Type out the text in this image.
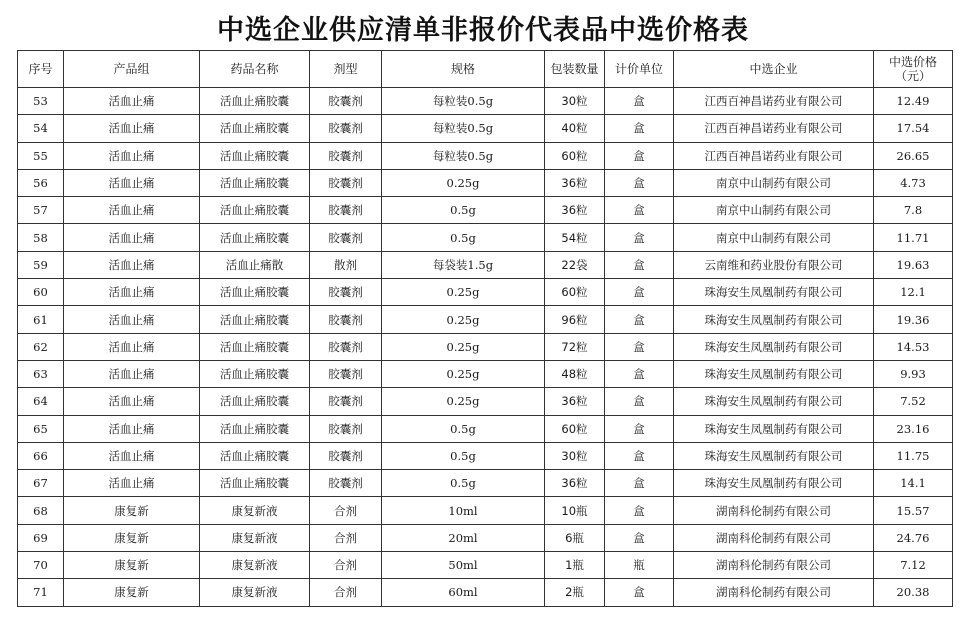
中选企业供应清单非报价代表品中选价格表
序号	产品组	药品名称	剂型	规格	包装数量	计价单位	中选企业	中选价格（元）
53	活血止痛	活血止痛胶囊	胶囊剂	每粒装0.5g	30粒	盒	江西百神昌诺药业有限公司	12.49
54	活血止痛	活血止痛胶囊	胶囊剂	每粒装0.5g	40粒	盒	江西百神昌诺药业有限公司	17.54
55	活血止痛	活血止痛胶囊	胶囊剂	每粒装0.5g	60粒	盒	江西百神昌诺药业有限公司	26.65
56	活血止痛	活血止痛胶囊	胶囊剂	0.25g	36粒	盒	南京中山制药有限公司	4.73
57	活血止痛	活血止痛胶囊	胶囊剂	0.5g	36粒	盒	南京中山制药有限公司	7.8
58	活血止痛	活血止痛胶囊	胶囊剂	0.5g	54粒	盒	南京中山制药有限公司	11.71
59	活血止痛	活血止痛散	散剂	每袋装1.5g	22袋	盒	云南维和药业股份有限公司	19.63
60	活血止痛	活血止痛胶囊	胶囊剂	0.25g	60粒	盒	珠海安生凤凰制药有限公司	12.1
61	活血止痛	活血止痛胶囊	胶囊剂	0.25g	96粒	盒	珠海安生凤凰制药有限公司	19.36
62	活血止痛	活血止痛胶囊	胶囊剂	0.25g	72粒	盒	珠海安生凤凰制药有限公司	14.53
63	活血止痛	活血止痛胶囊	胶囊剂	0.25g	48粒	盒	珠海安生凤凰制药有限公司	9.93
64	活血止痛	活血止痛胶囊	胶囊剂	0.25g	36粒	盒	珠海安生凤凰制药有限公司	7.52
65	活血止痛	活血止痛胶囊	胶囊剂	0.5g	60粒	盒	珠海安生凤凰制药有限公司	23.16
66	活血止痛	活血止痛胶囊	胶囊剂	0.5g	30粒	盒	珠海安生凤凰制药有限公司	11.75
67	活血止痛	活血止痛胶囊	胶囊剂	0.5g	36粒	盒	珠海安生凤凰制药有限公司	14.1
68	康复新	康复新液	合剂	10ml	10瓶	盒	湖南科伦制药有限公司	15.57
69	康复新	康复新液	合剂	20ml	6瓶	盒	湖南科伦制药有限公司	24.76
70	康复新	康复新液	合剂	50ml	1瓶	瓶	湖南科伦制药有限公司	7.12
71	康复新	康复新液	合剂	60ml	2瓶	盒	湖南科伦制药有限公司	20.38
